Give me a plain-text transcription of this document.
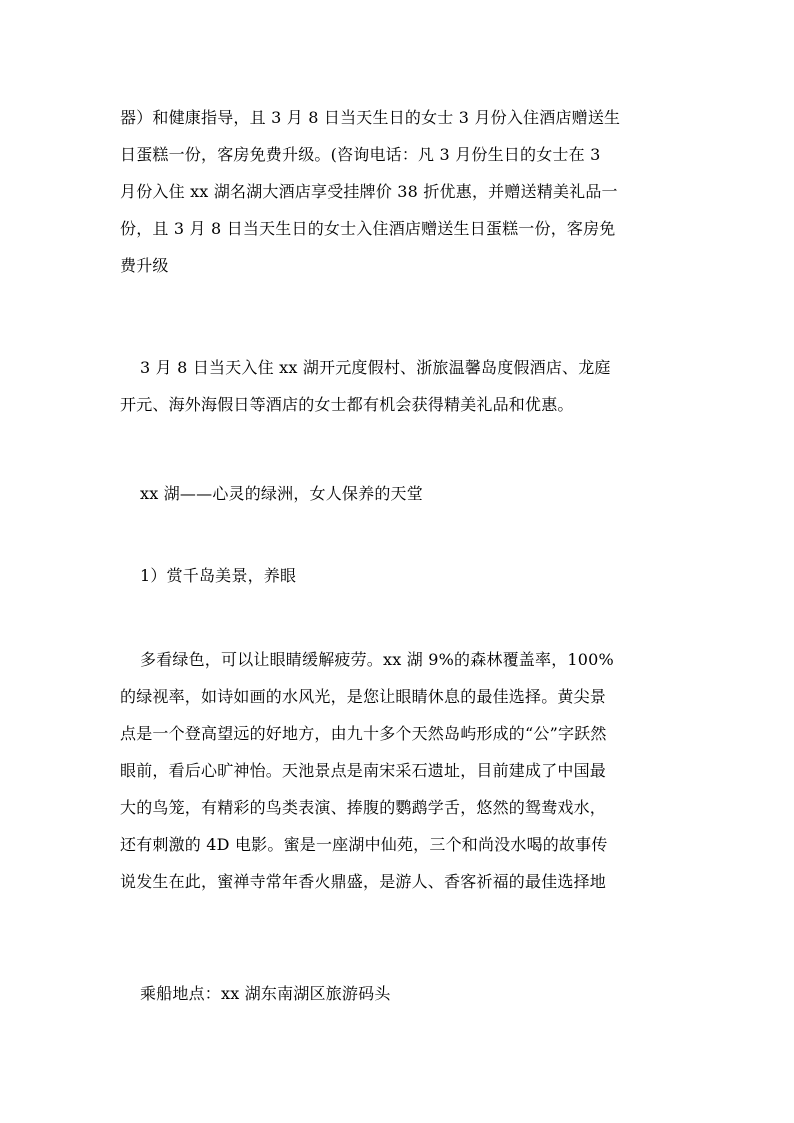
器）和健康指导，且 3 月 8 日当天生日的女士 3 月份入住酒店赠送生
日蛋糕一份，客房免费升级。(咨询电话：凡 3 月份生日的女士在 3
月份入住 xx 湖名湖大酒店享受挂牌价 38 折优惠，并赠送精美礼品一
份，且 3 月 8 日当天生日的女士入住酒店赠送生日蛋糕一份，客房免
费升级
3 月 8 日当天入住 xx 湖开元度假村、浙旅温馨岛度假酒店、龙庭
开元、海外海假日等酒店的女士都有机会获得精美礼品和优惠。
xx 湖——心灵的绿洲，女人保养的天堂
1）赏千岛美景，养眼
多看绿色，可以让眼睛缓解疲劳。xx 湖 9%的森林覆盖率，100%
的绿视率，如诗如画的水风光，是您让眼睛休息的最佳选择。黄尖景
点是一个登高望远的好地方，由九十多个天然岛屿形成的“公”字跃然
眼前，看后心旷神怡。天池景点是南宋采石遗址，目前建成了中国最
大的鸟笼，有精彩的鸟类表演、捧腹的鹦鹉学舌，悠然的鸳鸯戏水，
还有刺激的 4D 电影。蜜是一座湖中仙苑，三个和尚没水喝的故事传
说发生在此，蜜禅寺常年香火鼎盛，是游人、香客祈福的最佳选择地
乘船地点：xx 湖东南湖区旅游码头
